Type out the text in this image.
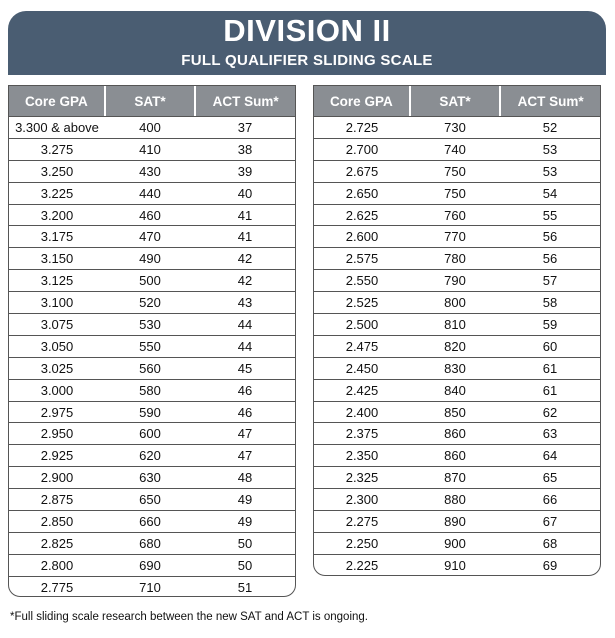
DIVISION II
FULL QUALIFIER SLIDING SCALE
Core GPA	SAT*	ACT Sum*
3.300 & above	400	37
3.275	410	38
3.250	430	39
3.225	440	40
3.200	460	41
3.175	470	41
3.150	490	42
3.125	500	42
3.100	520	43
3.075	530	44
3.050	550	44
3.025	560	45
3.000	580	46
2.975	590	46
2.950	600	47
2.925	620	47
2.900	630	48
2.875	650	49
2.850	660	49
2.825	680	50
2.800	690	50
2.775	710	51
Core GPA	SAT*	ACT Sum*
2.725	730	52
2.700	740	53
2.675	750	53
2.650	750	54
2.625	760	55
2.600	770	56
2.575	780	56
2.550	790	57
2.525	800	58
2.500	810	59
2.475	820	60
2.450	830	61
2.425	840	61
2.400	850	62
2.375	860	63
2.350	860	64
2.325	870	65
2.300	880	66
2.275	890	67
2.250	900	68
2.225	910	69
*Full sliding scale research between the new SAT and ACT is ongoing.
